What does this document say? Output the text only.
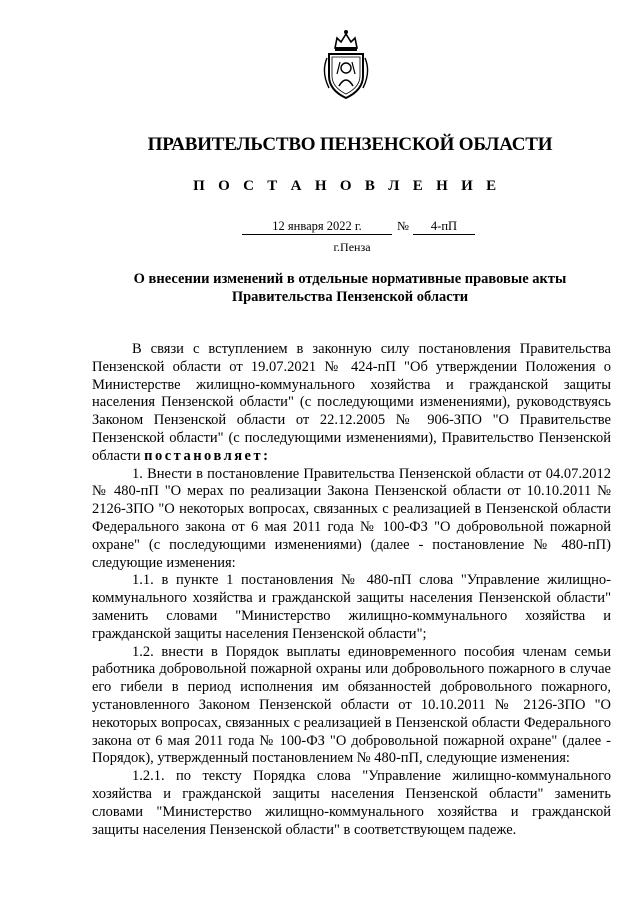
ПРАВИТЕЛЬСТВО ПЕНЗЕНСКОЙ ОБЛАСТИ
П О С Т А Н О В Л Е Н И Е
12 января 2022 г.	№	4-пП
г.Пенза
О внесении изменений в отдельные нормативные правовые акты
Правительства Пензенской области

В связи с вступлением в законную силу постановления Правительства Пензенской области от 19.07.2021 № 424-пП "Об утверждении Положения о Министерстве жилищно-коммунального хозяйства и гражданской защиты населения Пензенской области" (с последующими изменениями), руководствуясь Законом Пензенской области от 22.12.2005 № 906-ЗПО "О Правительстве Пензенской области" (с последующими изменениями), Правительство Пензенской области постановляет:

1. Внести в постановление Правительства Пензенской области от 04.07.2012 № 480-пП "О мерах по реализации Закона Пензенской области от 10.10.2011 № 2126-ЗПО "О некоторых вопросах, связанных с реализацией в Пензенской области Федерального закона от 6 мая 2011 года № 100-ФЗ "О добровольной пожарной охране" (с последующими изменениями) (далее - постановление № 480-пП) следующие изменения:

1.1. в пункте 1 постановления № 480-пП слова "Управление жилищно-коммунального хозяйства и гражданской защиты населения Пензенской области" заменить словами "Министерство жилищно-коммунального хозяйства и гражданской защиты населения Пензенской области";

1.2. внести в Порядок выплаты единовременного пособия членам семьи работника добровольной пожарной охраны или добровольного пожарного в случае его гибели в период исполнения им обязанностей добровольного пожарного, установленного Законом Пензенской области от 10.10.2011 № 2126-ЗПО "О некоторых вопросах, связанных с реализацией в Пензенской области Федерального закона от 6 мая 2011 года № 100-ФЗ "О добровольной пожарной охране" (далее - Порядок), утвержденный постановлением № 480-пП, следующие изменения:

1.2.1. по тексту Порядка слова "Управление жилищно-коммунального хозяйства и гражданской защиты населения Пензенской области" заменить словами "Министерство жилищно-коммунального хозяйства и гражданской защиты населения Пензенской области" в соответствующем падеже.
